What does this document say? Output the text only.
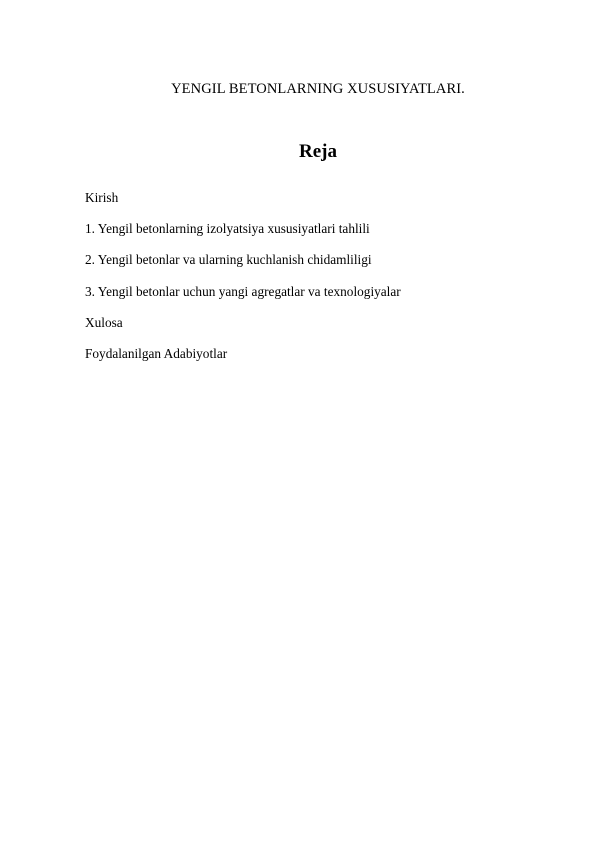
YENGIL BETONLARNING XUSUSIYATLARI.
Reja
Kirish
1. Yengil betonlarning izolyatsiya xususiyatlari tahlili
2. Yengil betonlar va ularning kuchlanish chidamliligi
3. Yengil betonlar uchun yangi agregatlar va texnologiyalar
Xulosa
Foydalanilgan Adabiyotlar
